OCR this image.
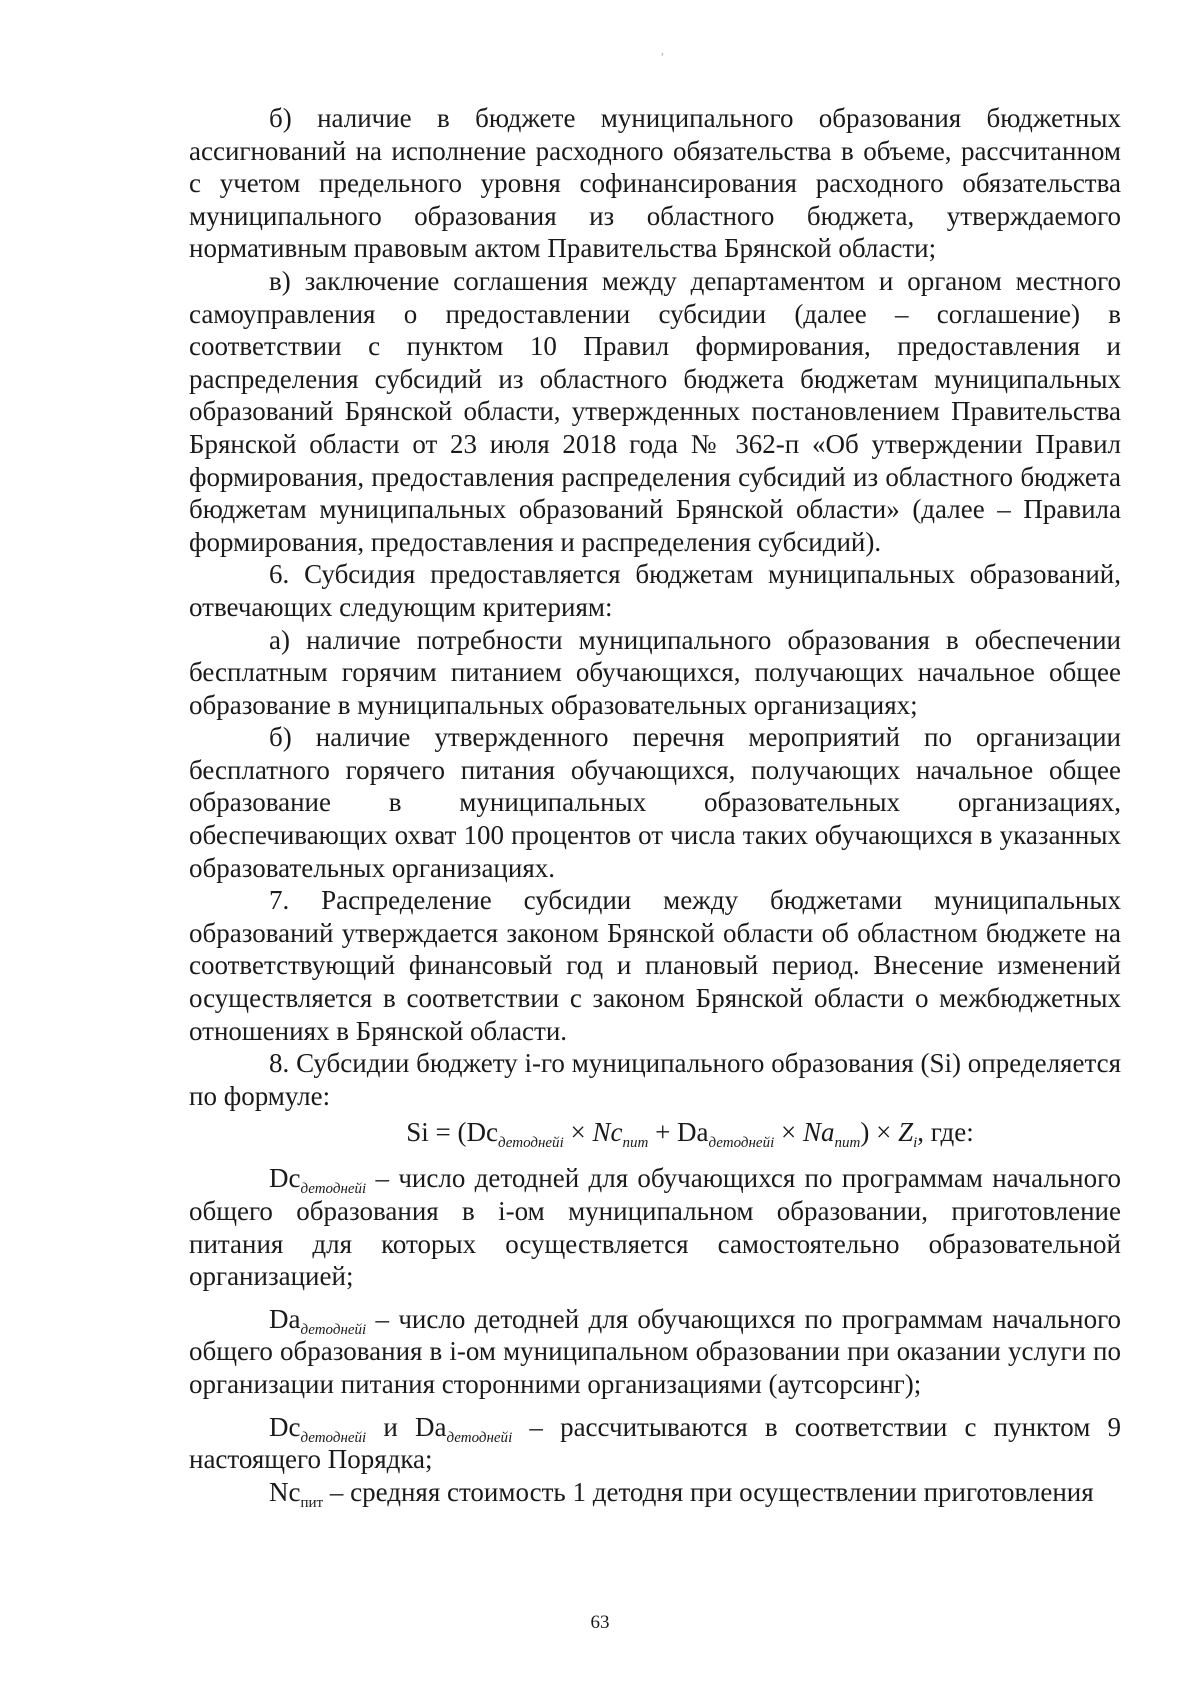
ʾ

б) наличие в бюджете муниципального образования бюджетных ассигнований на исполнение расходного обязательства в объеме, рассчитанном с учетом предельного уровня софинансирования расходного обязательства муниципального образования из областного бюджета, утверждаемого нормативным правовым актом Правительства Брянской области;

в) заключение соглашения между департаментом и органом местного самоуправления о предоставлении субсидии (далее – соглашение) в соответствии с пунктом 10 Правил формирования, предоставления и распределения субсидий из областного бюджета бюджетам муниципальных образований Брянской области, утвержденных постановлением Правительства Брянской области от 23 июля 2018 года № 362-п «Об утверждении Правил формирования, предоставления распределения субсидий из областного бюджета бюджетам муниципальных образований Брянской области» (далее – Правила формирования, предоставления и распределения субсидий).

6. Субсидия предоставляется бюджетам муниципальных образований, отвечающих следующим критериям:

а) наличие потребности муниципального образования в обеспечении бесплатным горячим питанием обучающихся, получающих начальное общее образование в муниципальных образовательных организациях;

б) наличие утвержденного перечня мероприятий по организации бесплатного горячего питания обучающихся, получающих начальное общее образование в муниципальных образовательных организациях, обеспечивающих охват 100 процентов от числа таких обучающихся в указанных образовательных организациях.

7. Распределение субсидии между бюджетами муниципальных образований утверждается законом Брянской области об областном бюджете на соответствующий финансовый год и плановый период. Внесение изменений осуществляется в соответствии с законом Брянской области о межбюджетных отношениях в Брянской области.

8. Субсидии бюджету i-го муниципального образования (Si) определяется по формуле:

$Si = (Dc_{детоднейi} \times Nc_{пит} + Da_{детоднейi} \times Na_{пит}) \times Z_i$, где:

$Dc_{детоднейi}$ – число детодней для обучающихся по программам начального общего образования в i-ом муниципальном образовании, приготовление питания для которых осуществляется самостоятельно образовательной организацией;

$Da_{детоднейi}$ – число детодней для обучающихся по программам начального общего образования в i-ом муниципальном образовании при оказании услуги по организации питания сторонними организациями (аутсорсинг);

$Dc_{детоднейi}$ и $Da_{детоднейi}$ – рассчитываются в соответствии с пунктом 9 настоящего Порядка;

$Nc_{пит}$ – средняя стоимость 1 детодня при осуществлении приготовления

63
